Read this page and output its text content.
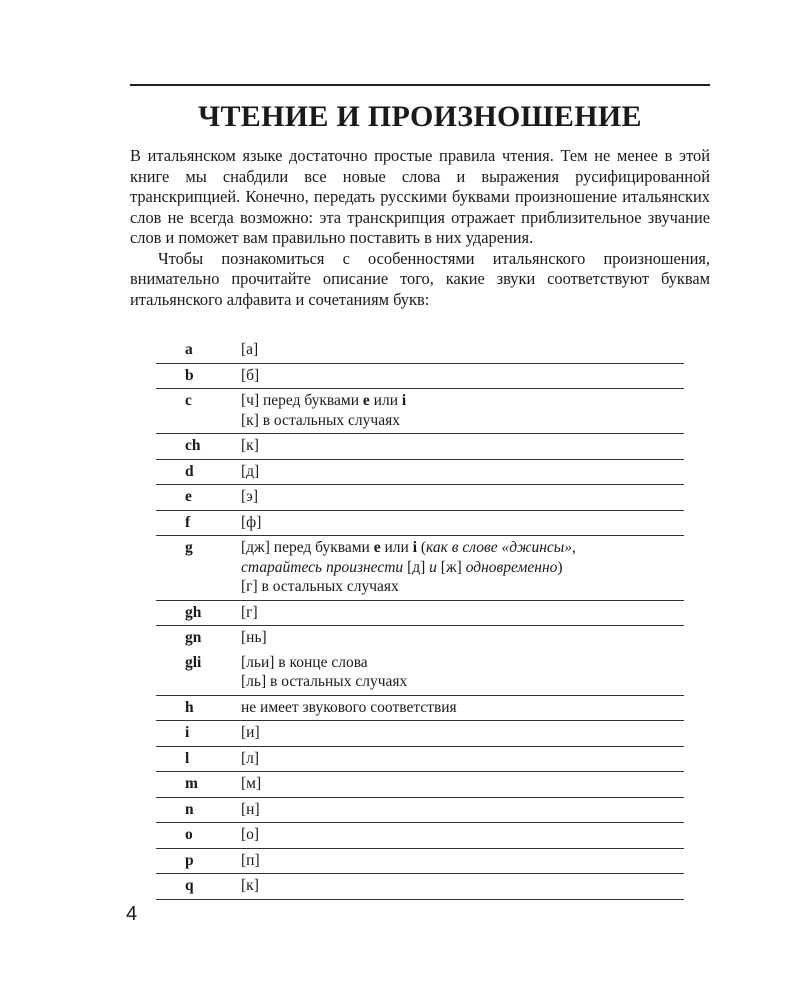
ЧТЕНИЕ И ПРОИЗНОШЕНИЕ

В итальянском языке достаточно простые правила чтения. Тем не менее в этой книге мы снабдили все новые слова и выражения русифицированной транскрипцией. Конечно, передать русскими буквами произношение итальянских слов не всегда возможно: эта транскрипция отражает приблизительное звучание слов и поможет вам правильно поставить в них ударения.

Чтобы познакомиться с особенностями итальянского произношения, внимательно прочитайте описание того, какие звуки соответствуют буквам итальянского алфавита и сочетаниям букв:

a	[а]

b	[б]

c	[ч] перед буквами e или i
[к] в остальных случаях

ch	[к]

d	[д]

e	[э]

f	[ф]

g	[дж] перед буквами e или i (как в слове «джинсы»,
старайтесь произнести [д] и [ж] одновременно)
[г] в остальных случаях

gh	[г]

gn	[нь]

gli	[льи] в конце слова
[ль] в остальных случаях

h	не имеет звукового соответствия

i	[и]

l	[л]

m	[м]

n	[н]

o	[о]

p	[п]

q	[к]
4
